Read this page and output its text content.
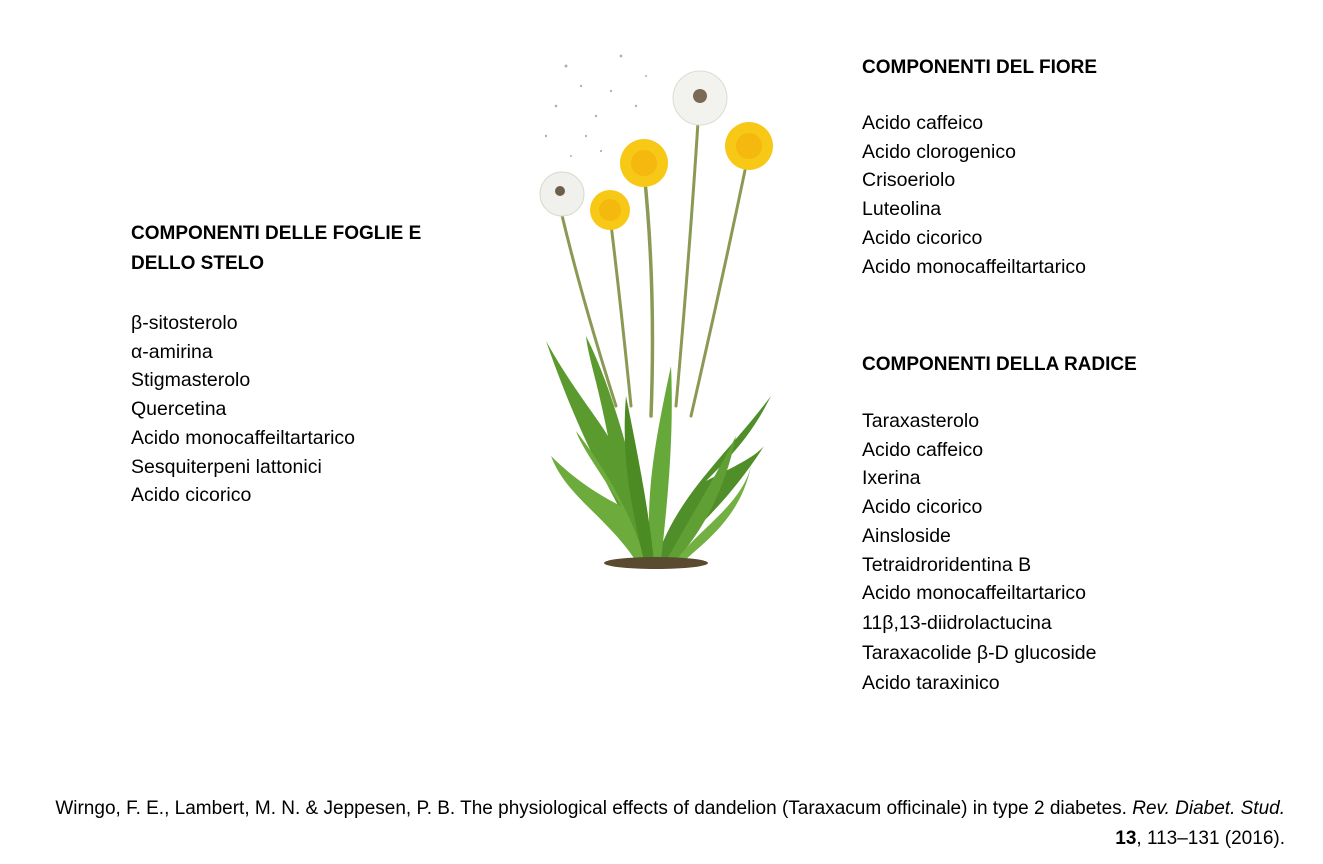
COMPONENTI DELLE FOGLIE E DELLO STELO
β-sitosterolo
α-amirina
Stigmasterolo
Quercetina
Acido monocaffeiltartarico
Sesquiterpeni lattonici
Acido cicorico
COMPONENTI DEL FIORE
Acido caffeico
Acido clorogenico
Crisoeriolo
Luteolina
Acido cicorico
Acido monocaffeiltartarico
COMPONENTI DELLA RADICE
Taraxasterolo
Acido caffeico
Ixerina
Acido cicorico
Ainsloside
Tetraidroridentina B
Acido monocaffeiltartarico
11β,13-diidrolactucina
Taraxacolide β-D glucoside
Acido taraxinico
Wirngo, F. E., Lambert, M. N. & Jeppesen, P. B. The physiological effects of dandelion (Taraxacum officinale) in type 2 diabetes. Rev. Diabet. Stud. 13, 113–131 (2016).
